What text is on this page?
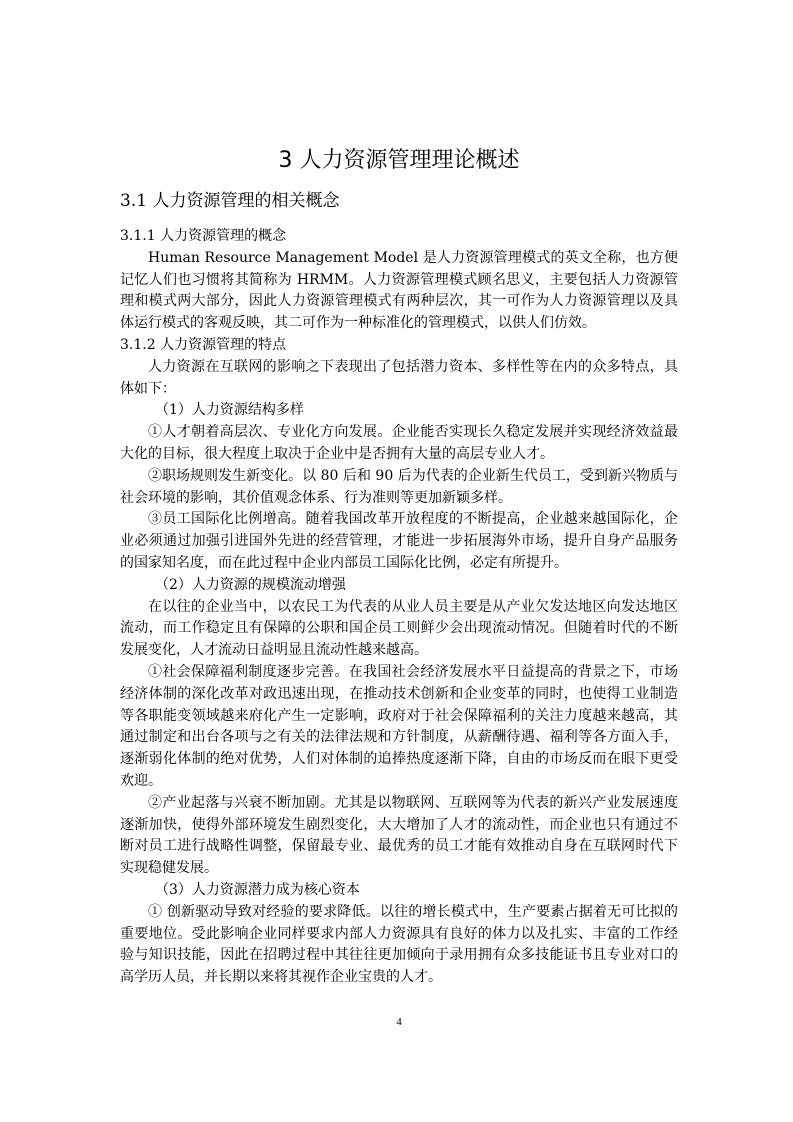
3 人力资源管理理论概述
3.1 人力资源管理的相关概念

3.1.1 人力资源管理的概念

Human Resource Management Model 是人力资源管理模式的英文全称，也方便记忆人们也习惯将其简称为 HRMM。人力资源管理模式顾名思义，主要包括人力资源管理和模式两大部分，因此人力资源管理模式有两种层次，其一可作为人力资源管理以及具体运行模式的客观反映，其二可作为一种标准化的管理模式，以供人们仿效。

3.1.2 人力资源管理的特点

人力资源在互联网的影响之下表现出了包括潜力资本、多样性等在内的众多特点，具体如下：

（1）人力资源结构多样

①人才朝着高层次、专业化方向发展。企业能否实现长久稳定发展并实现经济效益最大化的目标，很大程度上取决于企业中是否拥有大量的高层专业人才。

②职场规则发生新变化。以 80 后和 90 后为代表的企业新生代员工，受到新兴物质与社会环境的影响，其价值观念体系、行为准则等更加新颖多样。

③员工国际化比例增高。随着我国改革开放程度的不断提高，企业越来越国际化，企业必须通过加强引进国外先进的经营管理，才能进一步拓展海外市场，提升自身产品服务的国家知名度，而在此过程中企业内部员工国际化比例，必定有所提升。

（2）人力资源的规模流动增强

在以往的企业当中，以农民工为代表的从业人员主要是从产业欠发达地区向发达地区流动，而工作稳定且有保障的公职和国企员工则鲜少会出现流动情况。但随着时代的不断发展变化，人才流动日益明显且流动性越来越高。

①社会保障福利制度逐步完善。在我国社会经济发展水平日益提高的背景之下，市场经济体制的深化改革对政迅速出现，在推动技术创新和企业变革的同时，也使得工业制造等各职能变领域越来府化产生一定影响，政府对于社会保障福利的关注力度越来越高，其通过制定和出台各项与之有关的法律法规和方针制度，从薪酬待遇、福利等各方面入手，逐渐弱化体制的绝对优势，人们对体制的追捧热度逐渐下降，自由的市场反而在眼下更受欢迎。

②产业起落与兴衰不断加剧。尤其是以物联网、互联网等为代表的新兴产业发展速度逐渐加快，使得外部环境发生剧烈变化，大大增加了人才的流动性，而企业也只有通过不断对员工进行战略性调整，保留最专业、最优秀的员工才能有效推动自身在互联网时代下实现稳健发展。

（3）人力资源潜力成为核心资本

① 创新驱动导致对经验的要求降低。以往的增长模式中，生产要素占据着无可比拟的重要地位。受此影响企业同样要求内部人力资源具有良好的体力以及扎实、丰富的工作经验与知识技能，因此在招聘过程中其往往更加倾向于录用拥有众多技能证书且专业对口的高学历人员，并长期以来将其视作企业宝贵的人才。

4
